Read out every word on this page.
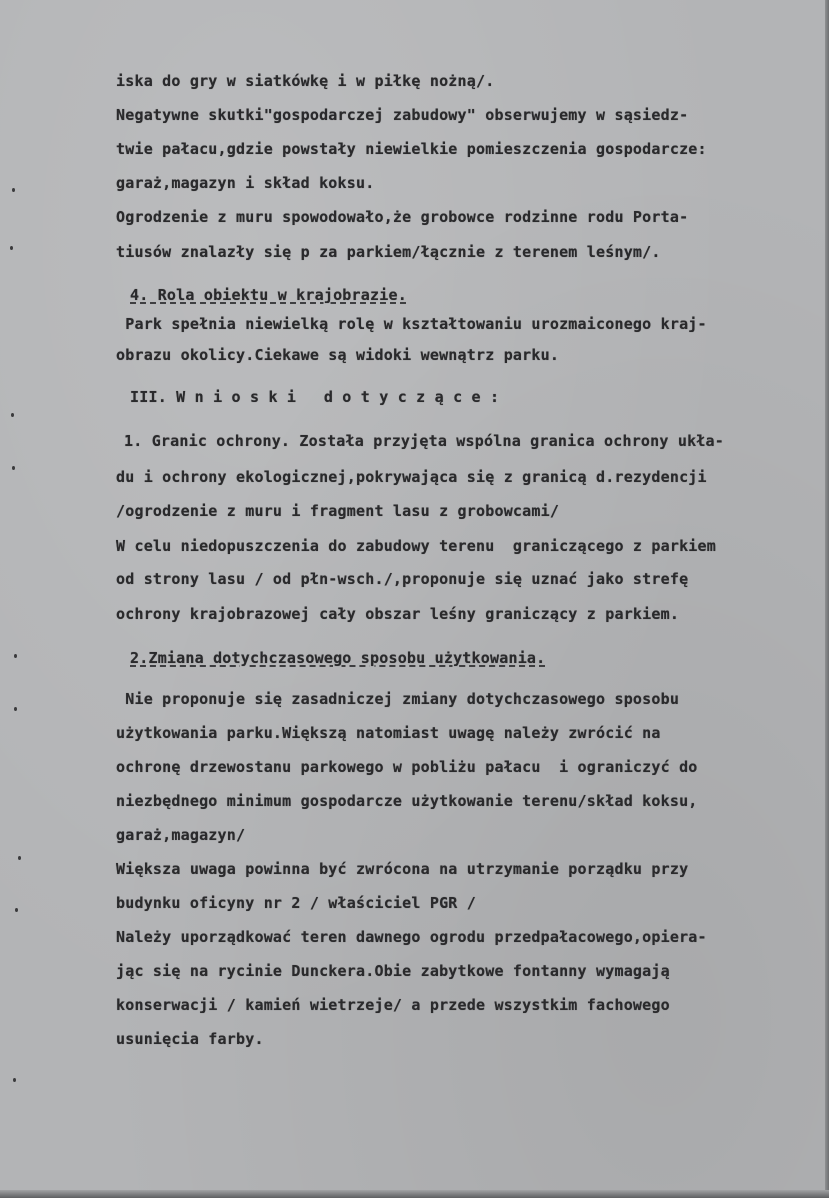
iska do gry w siatkówkę i w piłkę nożną/.
Negatywne skutki"gospodarczej zabudowy" obserwujemy w sąsiedz-
twie pałacu,gdzie powstały niewielkie pomieszczenia gospodarcze:
garaż,magazyn i skład koksu.
Ogrodzenie z muru spowodowało,że grobowce rodzinne rodu Porta-
tiusów znalazły się p za parkiem/łącznie z terenem leśnym/.
4. Rola obiektu w krajobrazie.
Park spełnia niewielką rolę w kształtowaniu urozmaiconego kraj-
obrazu okolicy.Ciekawe są widoki wewnątrz parku.
III. W n i o s k i   d o t y c z ą c e :
1. Granic ochrony. Została przyjęta wspólna granica ochrony ukła-
du i ochrony ekologicznej,pokrywająca się z granicą d.rezydencji
/ogrodzenie z muru i fragment lasu z grobowcami/
W celu niedopuszczenia do zabudowy terenu  graniczącego z parkiem
od strony lasu / od płn-wsch./,proponuje się uznać jako strefę
ochrony krajobrazowej cały obszar leśny graniczący z parkiem.
2.Zmiana dotychczasowego sposobu użytkowania.
Nie proponuje się zasadniczej zmiany dotychczasowego sposobu
użytkowania parku.Większą natomiast uwagę należy zwrócić na
ochronę drzewostanu parkowego w pobliżu pałacu  i ograniczyć do
niezbędnego minimum gospodarcze użytkowanie terenu/skład koksu,
garaż,magazyn/
Większa uwaga powinna być zwrócona na utrzymanie porządku przy
budynku oficyny nr 2 / właściciel PGR /
Należy uporządkować teren dawnego ogrodu przedpałacowego,opiera-
jąc się na rycinie Dunckera.Obie zabytkowe fontanny wymagają
konserwacji / kamień wietrzeje/ a przede wszystkim fachowego
usunięcia farby.
